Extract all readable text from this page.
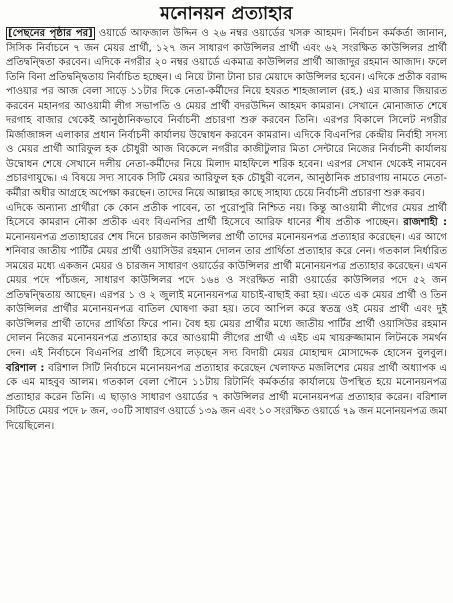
মনোনয়ন প্রত্যাহার

[পেছনের পৃষ্ঠার পর] ওয়ার্ডে আফজাল উদ্দিন ও ২৬ নম্বর ওয়ার্ডের খসরু আহমদ। নির্বাচন কর্মকর্তা জানান, সিসিক নির্বাচনে ৭ জন মেয়র প্রার্থী, ১২৭ জন সাধারণ কাউন্সিলর প্রার্থী এবং ৬২ সংরক্ষিত কাউন্সিলর প্রার্থী প্রতিদ্বন্দ্বিতা করবেন। এদিকে নগরীর ২০ নম্বর ওয়ার্ডে একমাত্র কাউন্সিলর প্রার্থী আজাদুর রহমান আজাদ। ফলে তিনি বিনা প্রতিদ্বন্দ্বিতায় নির্বাচিত হচ্ছেন। এ নিয়ে টানা টানা চার মেয়াদে কাউন্সিলর হবেন। এদিকে প্রতীক বরাদ্দ পাওয়ার পর আজ বেলা সাড়ে ১১টার দিকে নেতা-কর্মীদের নিয়ে হযরত শাহজালাল (রহ.) এর মাজার জিয়ারত করবেন মহানগর আওয়ামী লীগ সভাপতি ও মেয়র প্রার্থী বদরউদ্দিন আহমদ কামরান। সেখানে মোনাজাত শেষে দরগাহ বাজার থেকেই আনুষ্ঠানিকভাবে নির্বাচনী প্রচারণা শুরু করবেন তিনি। এরপর বিকালে সিলেট নগরীর মির্জাজাঙ্গল এলাকার প্রধান নির্বাচনী কার্যালয় উদ্বোধন করবেন কামরান। এদিকে বিএনপির কেন্দ্রীয় নির্বাহী সদস্য ও মেয়র প্রার্থী আরিফুল হক চৌধুরী আজ বিকেলে নগরীর কাজীটুলার মিতা সেন্টারে নিজের নির্বাচনী কার্যালয় উদ্বোধন শেষে সেখানে দলীয় নেতা-কর্মীদের নিয়ে মিলাদ মাহফিলে শরিক হবেন। এরপর সেখান থেকেই নামবেন প্রচারণাযুদ্ধে। এ বিষয়ে সদ্য সাবেক সিটি মেয়র আরিফুল হক চৌধুরী বলেন, আনুষ্ঠানিক প্রচারণায় নামতে নেতা-কর্মীরা অধীর আগ্রহে অপেক্ষা করছেন। তাদের নিয়ে আল্লাহর কাছে সাহায্য চেয়ে নির্বাচনী প্রচারণা শুরু করব।

এদিকে অন্যান্য প্রার্থীরা কে কোন প্রতীক পাবেন, তা পুরোপুরি নিশ্চিত নয়। কিন্তু আওয়ামী লীগের মেয়র প্রার্থী হিসেবে কামরান নৌকা প্রতীক এবং বিএনপির প্রার্থী হিসেবে আরিফ ধানের শীষ প্রতীক পাচ্ছেন। রাজশাহী : মনোনয়নপত্র প্রত্যাহারের শেষ দিনে চারজন কাউন্সিলর প্রার্থী তাদের মনোনয়নপত্র প্রত্যাহার করেছেন। এর আগে শনিবার জাতীয় পার্টির মেয়র প্রার্থী ওয়াসিউর রহমান দোলন তার প্রার্থিতা প্রত্যাহার করে নেন। গতকাল নির্ধারিত সময়ের মধ্যে একজন মেয়র ও চারজন সাধারণ ওয়ার্ডের কাউন্সিলর প্রার্থী মনোনয়নপত্র প্রত্যাহার করেছেন। এখন মেয়র পদে পাঁচজন, সাধারণ কাউন্সিলর পদে ১৬৪ ও সংরক্ষিত নারী ওয়ার্ডের কাউন্সিলর পদে ৫২ জন প্রতিদ্বন্দ্বিতায় আছেন। এরপর ১ ও ২ জুলাই মনোনয়নপত্র যাচাই-বাছাই করা হয়। এতে এক মেয়র প্রার্থী ও তিন কাউন্সিলর প্রার্থীর মনোনয়নপত্র বাতিল ঘোষণা করা হয়। তবে আপিল করে স্বতন্ত্র ওই মেয়র প্রার্থী এবং দুই কাউন্সিলর প্রার্থী তাদের প্রার্থিতা ফিরে পান। বৈধ হয় মেয়র প্রার্থীর মধ্যে জাতীয় পার্টির প্রার্থী ওয়াসিউর রহমান দোলন নিজের মনোনয়নপত্র প্রত্যাহার করে আওয়ামী লীগের প্রার্থী এ এইচ এম খায়রুজ্জামান লিটনকে সমর্থন দেন। এই নির্বাচনে বিএনপির প্রার্থী হিসেবে লড়ছেন সদ্য বিদায়ী মেয়র মোহাম্মদ মোসাদ্দেক হোসেন বুলবুল। বরিশাল : বরিশাল সিটি নির্বাচনে মনোনয়নপত্র প্রত্যাহার করেছেন খেলাফত মজলিশের মেয়র প্রার্থী অধ্যাপক এ কে এম মাহবুব আলম। গতকাল বেলা পৌনে ১১টায় রিটার্নিং কর্মকর্তার কার্যালয়ে উপস্থিত হয়ে মনোনয়নপত্র প্রত্যাহার করেন তিনি। এ ছাড়াও সাধারণ ওয়ার্ডের ৭ কাউন্সিলর প্রার্থী মনোনয়নপত্র প্রত্যাহার করেন। বরিশাল সিটিতে মেয়র পদে ৮ জন, ৩০টি সাধারণ ওয়ার্ডে ১৩৯ জন এবং ১০ সংরক্ষিত ওয়ার্ডে ৭৯ জন মনোনয়নপত্র জমা দিয়েছিলেন।
